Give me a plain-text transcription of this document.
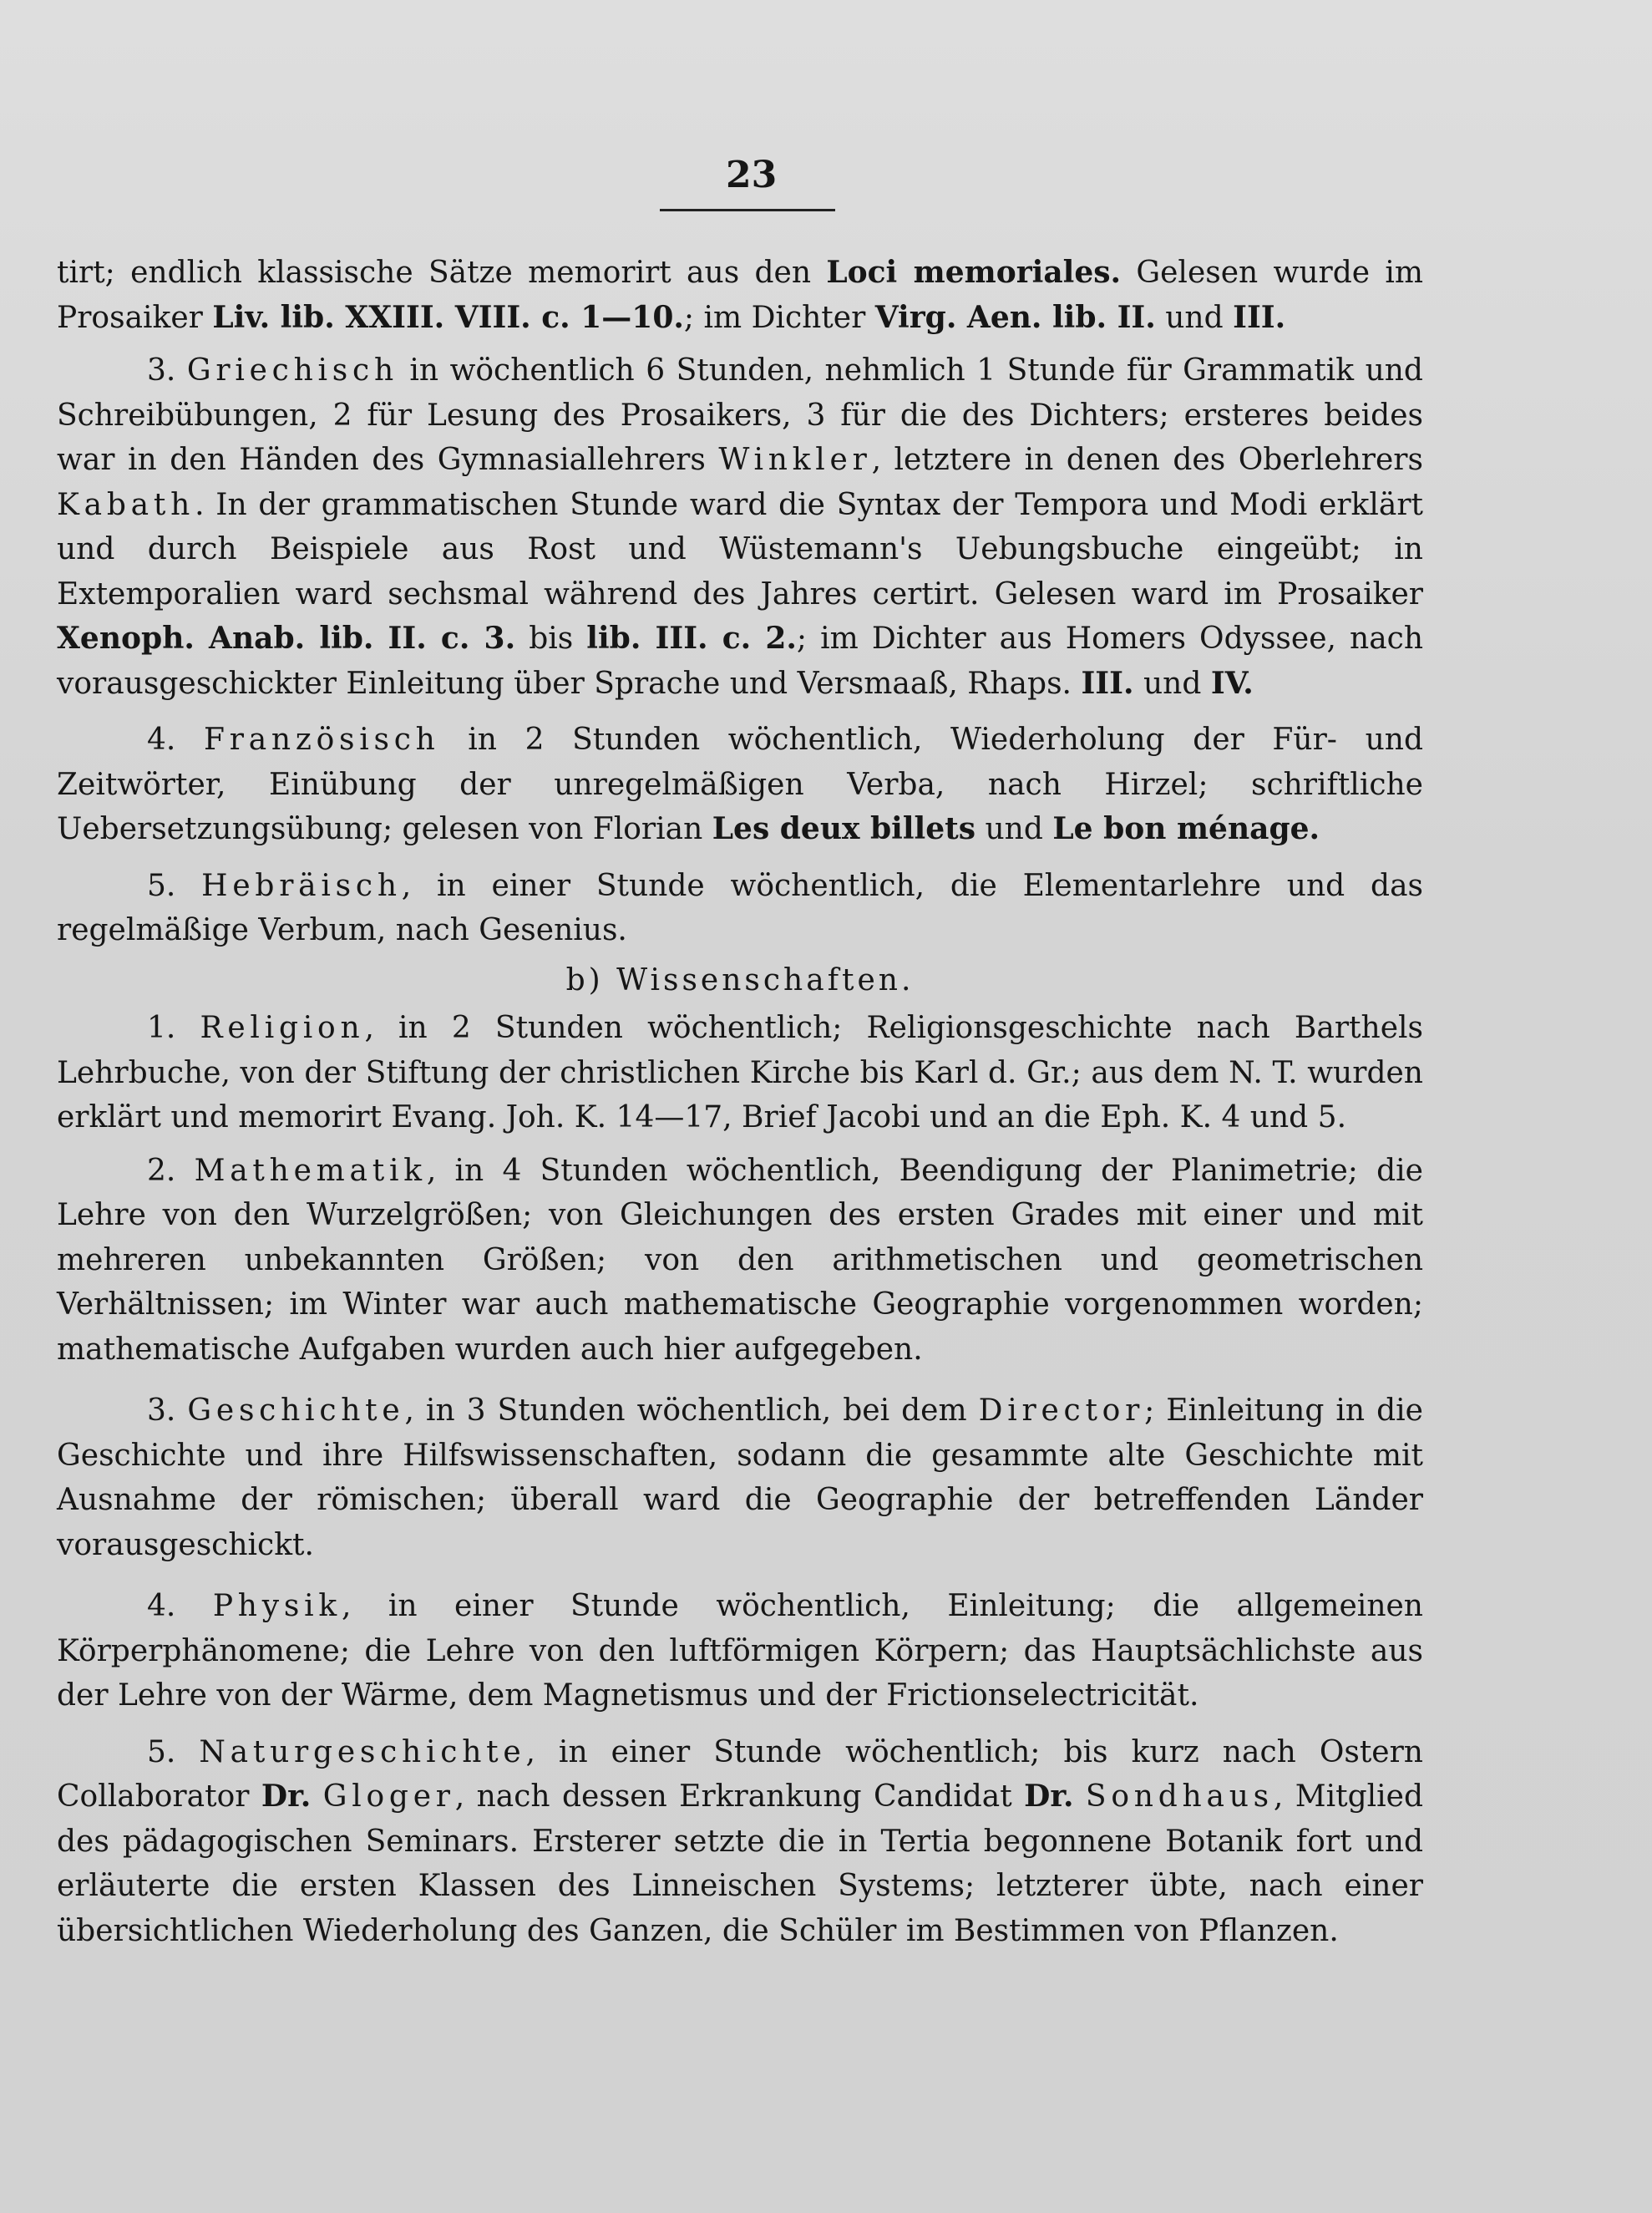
23

tirt; endlich klassische Sätze memorirt aus den Loci memoriales. Gelesen wurde im Prosaiker Liv. lib. XXIII. VIII. c. 1—10.; im Dichter Virg. Aen. lib. II. und III.

3. Griechisch in wöchentlich 6 Stunden, nehmlich 1 Stunde für Grammatik und Schreibübungen, 2 für Lesung des Prosaikers, 3 für die des Dichters; ersteres beides war in den Händen des Gymnasiallehrers Winkler, letztere in denen des Oberlehrers Kabath. In der grammatischen Stunde ward die Syntax der Tempora und Modi erklärt und durch Beispiele aus Rost und Wüstemann's Uebungsbuche eingeübt; in Extemporalien ward sechsmal während des Jahres certirt. Gelesen ward im Prosaiker Xenoph. Anab. lib. II. c. 3. bis lib. III. c. 2.; im Dichter aus Homers Odyssee, nach vorausgeschickter Einleitung über Sprache und Versmaaß, Rhaps. III. und IV.

4. Französisch in 2 Stunden wöchentlich, Wiederholung der Für- und Zeitwörter, Einübung der unregelmäßigen Verba, nach Hirzel; schriftliche Uebersetzungsübung; gelesen von Florian Les deux billets und Le bon ménage.

5. Hebräisch, in einer Stunde wöchentlich, die Elementarlehre und das regelmäßige Verbum, nach Gesenius.

b) Wissenschaften.

1. Religion, in 2 Stunden wöchentlich; Religionsgeschichte nach Barthels Lehrbuche, von der Stiftung der christlichen Kirche bis Karl d. Gr.; aus dem N. T. wurden erklärt und memorirt Evang. Joh. K. 14—17, Brief Jacobi und an die Eph. K. 4 und 5.

2. Mathematik, in 4 Stunden wöchentlich, Beendigung der Planimetrie; die Lehre von den Wurzelgrößen; von Gleichungen des ersten Grades mit einer und mit mehreren unbekannten Größen; von den arithmetischen und geometrischen Verhältnissen; im Winter war auch mathematische Geographie vorgenommen worden; mathematische Aufgaben wurden auch hier aufgegeben.

3. Geschichte, in 3 Stunden wöchentlich, bei dem Director; Einleitung in die Geschichte und ihre Hilfswissenschaften, sodann die gesammte alte Geschichte mit Ausnahme der römischen; überall ward die Geographie der betreffenden Länder vorausgeschickt.

4. Physik, in einer Stunde wöchentlich, Einleitung; die allgemeinen Körperphänomene; die Lehre von den luftförmigen Körpern; das Hauptsächlichste aus der Lehre von der Wärme, dem Magnetismus und der Frictionselectricität.

5. Naturgeschichte, in einer Stunde wöchentlich; bis kurz nach Ostern Collaborator Dr. Gloger, nach dessen Erkrankung Candidat Dr. Sondhaus, Mitglied des pädagogischen Seminars. Ersterer setzte die in Tertia begonnene Botanik fort und erläuterte die ersten Klassen des Linneischen Systems; letzterer übte, nach einer übersichtlichen Wiederholung des Ganzen, die Schüler im Bestimmen von Pflanzen.
